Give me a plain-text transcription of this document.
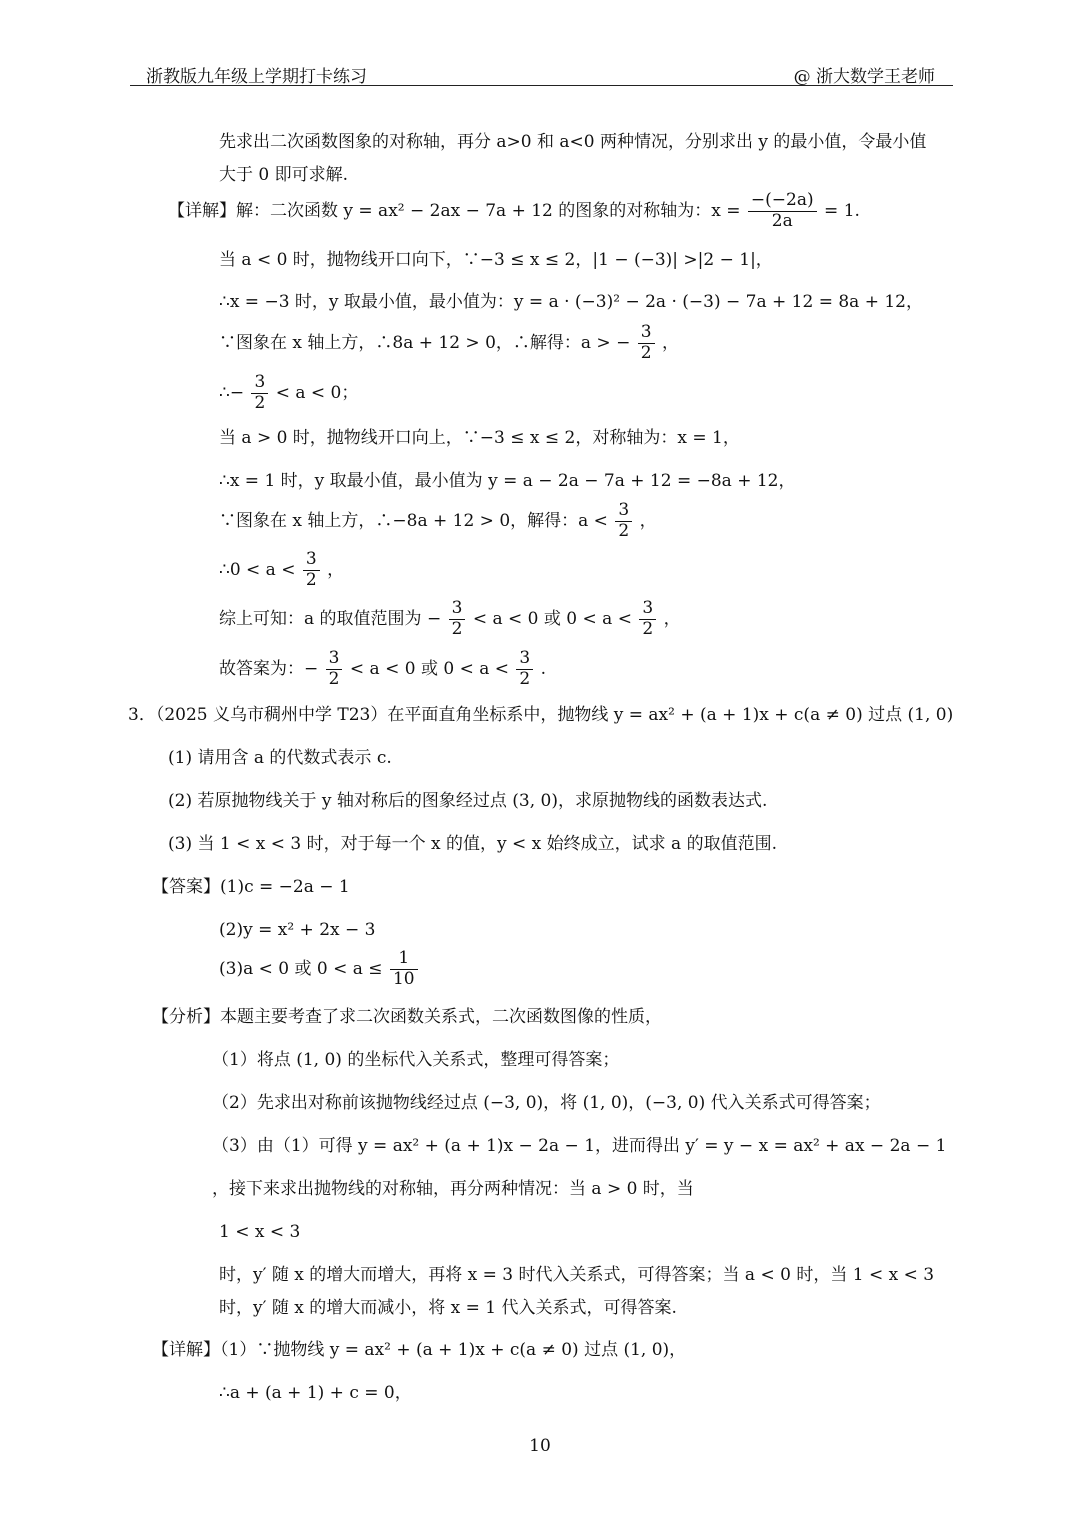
浙教版九年级上学期打卡练习	@ 浙大数学王老师
先求出二次函数图象的对称轴，再分 a>0 和 a<0 两种情况，分别求出 y 的最小值，令最小值
大于 0 即可求解.
【详解】解：二次函数 y = ax² − 2ax − 7a + 12 的图象的对称轴为：$x = \frac{-(-2a)}{2a} = 1$.
当 a < 0 时，抛物线开口向下，∵−3 ≤ x ≤ 2，|1 − (−3)| >|2 − 1|，
∴x = −3 时，y 取最小值，最小值为：y = a · (−3)² − 2a · (−3) − 7a + 12 = 8a + 12，
∵图象在 x 轴上方，∴8a + 12 > 0，∴解得：a > − $\frac{3}{2}$ ，
∴− $\frac{3}{2} < a < 0$；
当 a > 0 时，抛物线开口向上，∵−3 ≤ x ≤ 2，对称轴为：x = 1，
∴x = 1 时，y 取最小值，最小值为 y = a − 2a − 7a + 12 = −8a + 12，
∵图象在 x 轴上方，∴−8a + 12 > 0，解得：$a < \frac{3}{2}$ ，
∴0 < $a < \frac{3}{2}$ ，
综上可知：a 的取值范围为 − $\frac{3}{2} < a < 0$ 或 $0 < a < \frac{3}{2}$ ，
故答案为：− $\frac{3}{2} < a < 0$ 或 $0 < a < \frac{3}{2}$ .
3．（2025 义乌市稠州中学 T23）在平面直角坐标系中，抛物线 y = ax² + (a + 1)x + c(a ≠ 0) 过点 (1, 0)
(1) 请用含 a 的代数式表示 c.
(2) 若原抛物线关于 y 轴对称后的图象经过点 (3, 0)，求原抛物线的函数表达式.
(3) 当 1 < x < 3 时，对于每一个 x 的值，y < x 始终成立，试求 a 的取值范围.
【答案】(1)c = −2a − 1
(2)y = x² + 2x − 3
(3)a < 0 或 $0 < a \le \frac{1}{10}$
【分析】本题主要考查了求二次函数关系式，二次函数图像的性质，
（1）将点 (1, 0) 的坐标代入关系式，整理可得答案；
（2）先求出对称前该抛物线经过点 (−3, 0)，将 (1, 0)，(−3, 0) 代入关系式可得答案；
（3）由（1）可得 y = ax² + (a + 1)x − 2a − 1，进而得出 y′ = y − x = ax² + ax − 2a − 1
，接下来求出抛物线的对称轴，再分两种情况：当 a > 0 时，当
1 < x < 3
时，y′ 随 x 的增大而增大，再将 x = 3 时代入关系式，可得答案；当 a < 0 时，当 1 < x < 3
时，y′ 随 x 的增大而减小，将 x = 1 代入关系式，可得答案.
【详解】（1）∵抛物线 y = ax² + (a + 1)x + c(a ≠ 0) 过点 (1, 0)，
∴a + (a + 1) + c = 0，
10
